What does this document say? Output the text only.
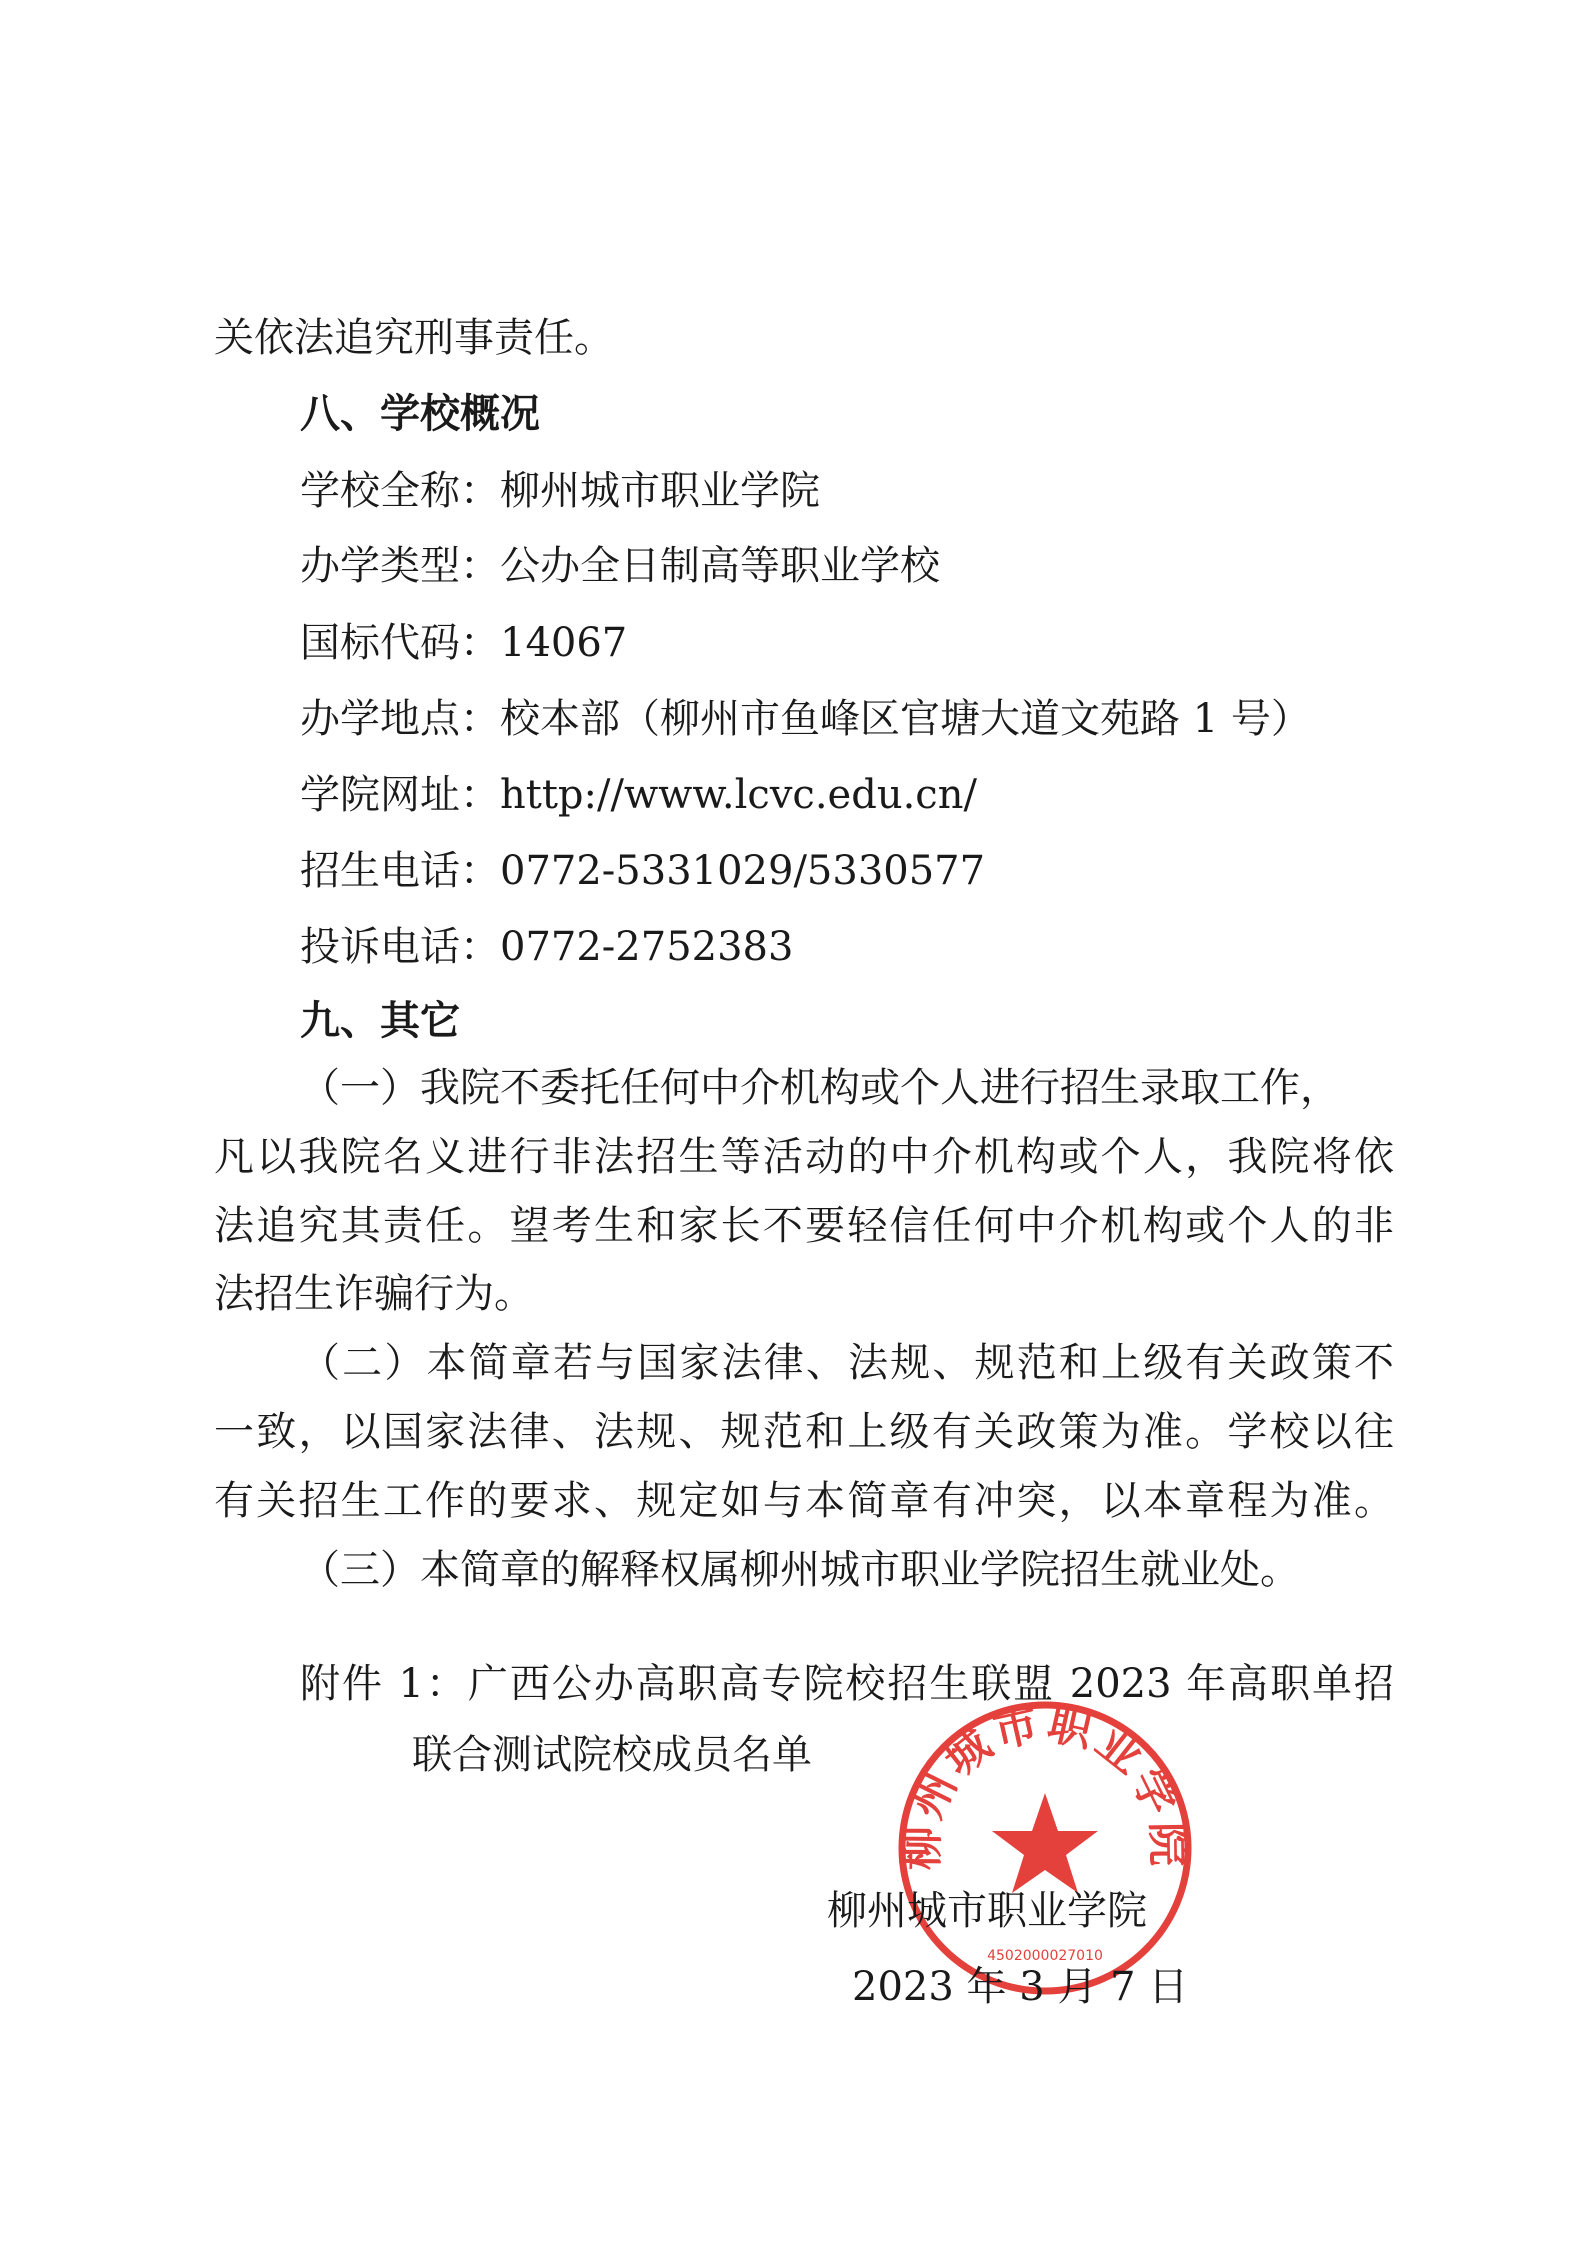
关依法追究刑事责任。
八、学校概况
学校全称：柳州城市职业学院
办学类型：公办全日制高等职业学校
国标代码：14067
办学地点：校本部（柳州市鱼峰区官塘大道文苑路 1 号）
学院网址：http://www.lcvc.edu.cn/
招生电话：0772-5331029/5330577
投诉电话：0772-2752383
九、其它
（一）我院不委托任何中介机构或个人进行招生录取工作，
凡以我院名义进行非法招生等活动的中介机构或个人，我院将依
法追究其责任。望考生和家长不要轻信任何中介机构或个人的非
法招生诈骗行为。
（二）本简章若与国家法律、法规、规范和上级有关政策不
一致，以国家法律、法规、规范和上级有关政策为准。学校以往
有关招生工作的要求、规定如与本简章有冲突，以本章程为准。
（三）本简章的解释权属柳州城市职业学院招生就业处。
附件 1：广西公办高职高专院校招生联盟 2023 年高职单招
联合测试院校成员名单
柳州城市职业学院
4502000027010
柳州城市职业学院
2023 年 3 月 7 日
